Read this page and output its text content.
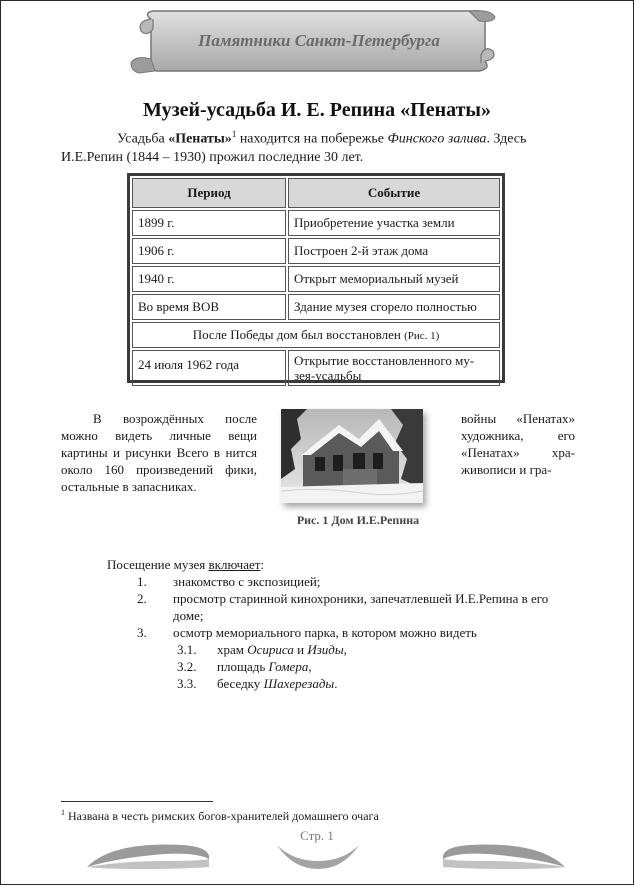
Памятники Санкт-Петербурга
Музей-усадьба И. Е. Репина «Пенаты»
Усадьба «Пенаты»$^1$ находится на побережье Финского залива. Здесь И.Е.Репин (1844 – 1930) прожил последние 30 лет.
Период	Событие
1899 г.	Приобретение участка земли
1906 г.	Построен 2-й этаж дома
1940 г.	Открыт мемориальный музей
Во время ВОВ	Здание музея сгорело полностью
После Победы дом был восстановлен (Рис. 1)	
24 июля 1962 года	Открытие восстановленного му-зея-усадьбы
В возрождённых после можно видеть личные вещи картины и рисунки Всего в нится около 160 произведений фики, остальные в запасниках.
войны «Пенатах» художника, его «Пенатах» хра-живописи и гра-
Рис. 1 Дом И.Е.Репина
Посещение музея включает:
1. знакомство с экспозицией;
2. просмотр старинной кинохроники, запечатлевшей И.Е.Репина в его доме;
3. осмотр мемориального парка, в котором можно видеть
3.1. храм Осириса и Изиды,
3.2. площадь Гомера,
3.3. беседку Шахерезады.
$^1$ Названа в честь римских богов-хранителей домашнего очага
Стр. 1
